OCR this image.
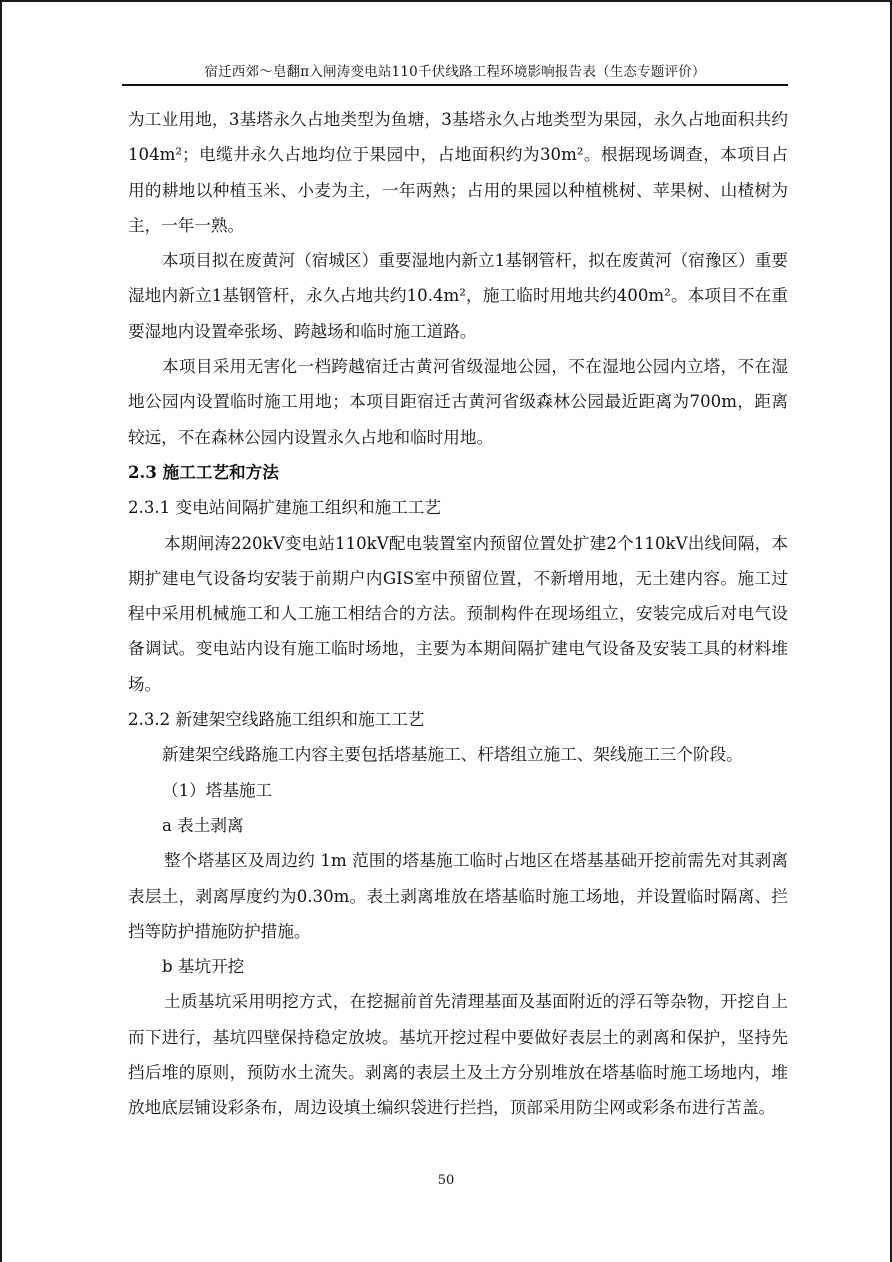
宿迁西郊～皂翻π入闸涛变电站110千伏线路工程环境影响报告表（生态专题评价）

为工业用地，3基塔永久占地类型为鱼塘，3基塔永久占地类型为果园，永久占地面积共约104m²；电缆井永久占地均位于果园中，占地面积约为30m²。根据现场调查，本项目占用的耕地以种植玉米、小麦为主，一年两熟；占用的果园以种植桃树、苹果树、山楂树为主，一年一熟。

本项目拟在废黄河（宿城区）重要湿地内新立1基钢管杆，拟在废黄河（宿豫区）重要湿地内新立1基钢管杆，永久占地共约10.4m²，施工临时用地共约400m²。本项目不在重要湿地内设置牵张场、跨越场和临时施工道路。

本项目采用无害化一档跨越宿迁古黄河省级湿地公园，不在湿地公园内立塔，不在湿地公园内设置临时施工用地；本项目距宿迁古黄河省级森林公园最近距离为700m，距离较远，不在森林公园内设置永久占地和临时用地。

2.3 施工工艺和方法

2.3.1 变电站间隔扩建施工组织和施工工艺

本期闸涛220kV变电站110kV配电装置室内预留位置处扩建2个110kV出线间隔，本期扩建电气设备均安装于前期户内GIS室中预留位置，不新增用地，无土建内容。施工过程中采用机械施工和人工施工相结合的方法。预制构件在现场组立，安装完成后对电气设备调试。变电站内设有施工临时场地，主要为本期间隔扩建电气设备及安装工具的材料堆场。

2.3.2 新建架空线路施工组织和施工工艺

新建架空线路施工内容主要包括塔基施工、杆塔组立施工、架线施工三个阶段。

（1）塔基施工

a 表土剥离

整个塔基区及周边约 1m 范围的塔基施工临时占地区在塔基基础开挖前需先对其剥离表层土，剥离厚度约为0.30m。表土剥离堆放在塔基临时施工场地，并设置临时隔离、拦挡等防护措施防护措施。

b 基坑开挖

土质基坑采用明挖方式，在挖掘前首先清理基面及基面附近的浮石等杂物，开挖自上而下进行，基坑四壁保持稳定放坡。基坑开挖过程中要做好表层土的剥离和保护，坚持先挡后堆的原则，预防水土流失。剥离的表层土及土方分别堆放在塔基临时施工场地内，堆放地底层铺设彩条布，周边设填土编织袋进行拦挡，顶部采用防尘网或彩条布进行苫盖。

50
